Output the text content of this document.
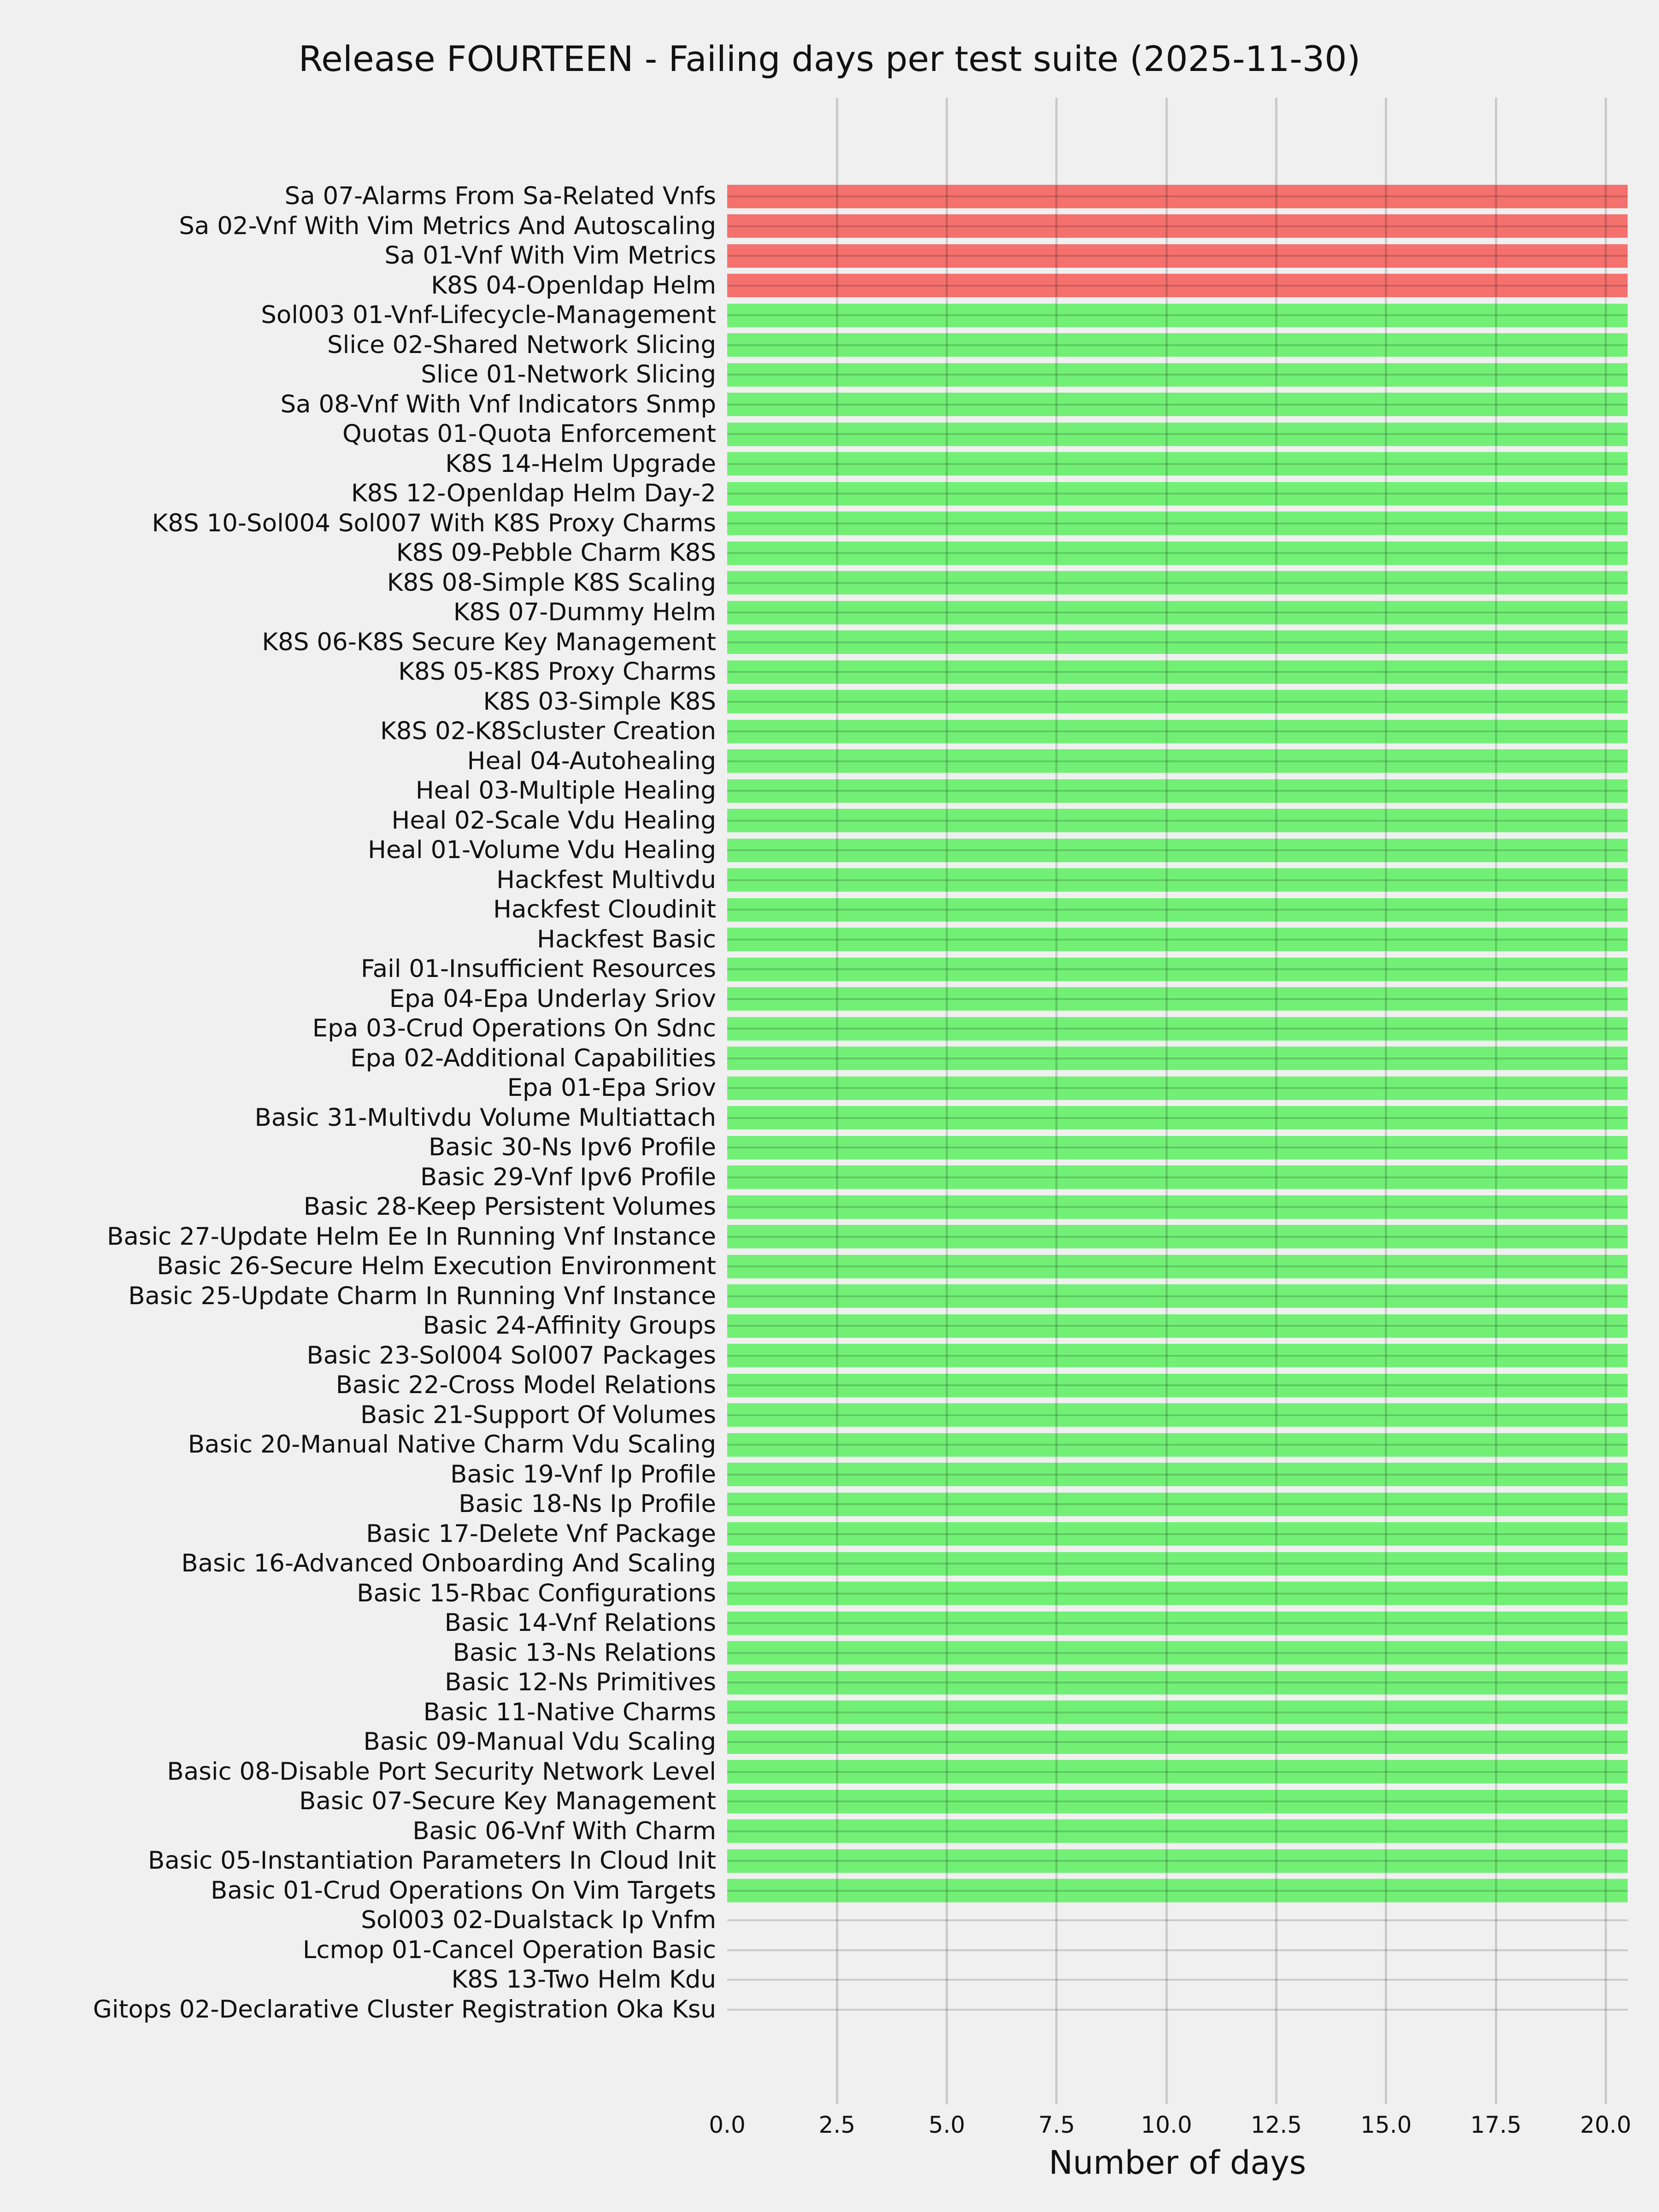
Release FOURTEEN - Failing days per test suite (2025-11-30)
Sa 07-Alarms From Sa-Related Vnfs
Sa 02-Vnf With Vim Metrics And Autoscaling
Sa 01-Vnf With Vim Metrics
K8S 04-Openldap Helm
Sol003 01-Vnf-Lifecycle-Management
Slice 02-Shared Network Slicing
Slice 01-Network Slicing
Sa 08-Vnf With Vnf Indicators Snmp
Quotas 01-Quota Enforcement
K8S 14-Helm Upgrade
K8S 12-Openldap Helm Day-2
K8S 10-Sol004 Sol007 With K8S Proxy Charms
K8S 09-Pebble Charm K8S
K8S 08-Simple K8S Scaling
K8S 07-Dummy Helm
K8S 06-K8S Secure Key Management
K8S 05-K8S Proxy Charms
K8S 03-Simple K8S
K8S 02-K8Scluster Creation
Heal 04-Autohealing
Heal 03-Multiple Healing
Heal 02-Scale Vdu Healing
Heal 01-Volume Vdu Healing
Hackfest Multivdu
Hackfest Cloudinit
Hackfest Basic
Fail 01-Insufficient Resources
Epa 04-Epa Underlay Sriov
Epa 03-Crud Operations On Sdnc
Epa 02-Additional Capabilities
Epa 01-Epa Sriov
Basic 31-Multivdu Volume Multiattach
Basic 30-Ns Ipv6 Profile
Basic 29-Vnf Ipv6 Profile
Basic 28-Keep Persistent Volumes
Basic 27-Update Helm Ee In Running Vnf Instance
Basic 26-Secure Helm Execution Environment
Basic 25-Update Charm In Running Vnf Instance
Basic 24-Affinity Groups
Basic 23-Sol004 Sol007 Packages
Basic 22-Cross Model Relations
Basic 21-Support Of Volumes
Basic 20-Manual Native Charm Vdu Scaling
Basic 19-Vnf Ip Profile
Basic 18-Ns Ip Profile
Basic 17-Delete Vnf Package
Basic 16-Advanced Onboarding And Scaling
Basic 15-Rbac Configurations
Basic 14-Vnf Relations
Basic 13-Ns Relations
Basic 12-Ns Primitives
Basic 11-Native Charms
Basic 09-Manual Vdu Scaling
Basic 08-Disable Port Security Network Level
Basic 07-Secure Key Management
Basic 06-Vnf With Charm
Basic 05-Instantiation Parameters In Cloud Init
Basic 01-Crud Operations On Vim Targets
Sol003 02-Dualstack Ip Vnfm
Lcmop 01-Cancel Operation Basic
K8S 13-Two Helm Kdu
Gitops 02-Declarative Cluster Registration Oka Ksu
0.0	2.5	5.0	7.5	10.0	12.5	15.0	17.5	20.0
Number of days
